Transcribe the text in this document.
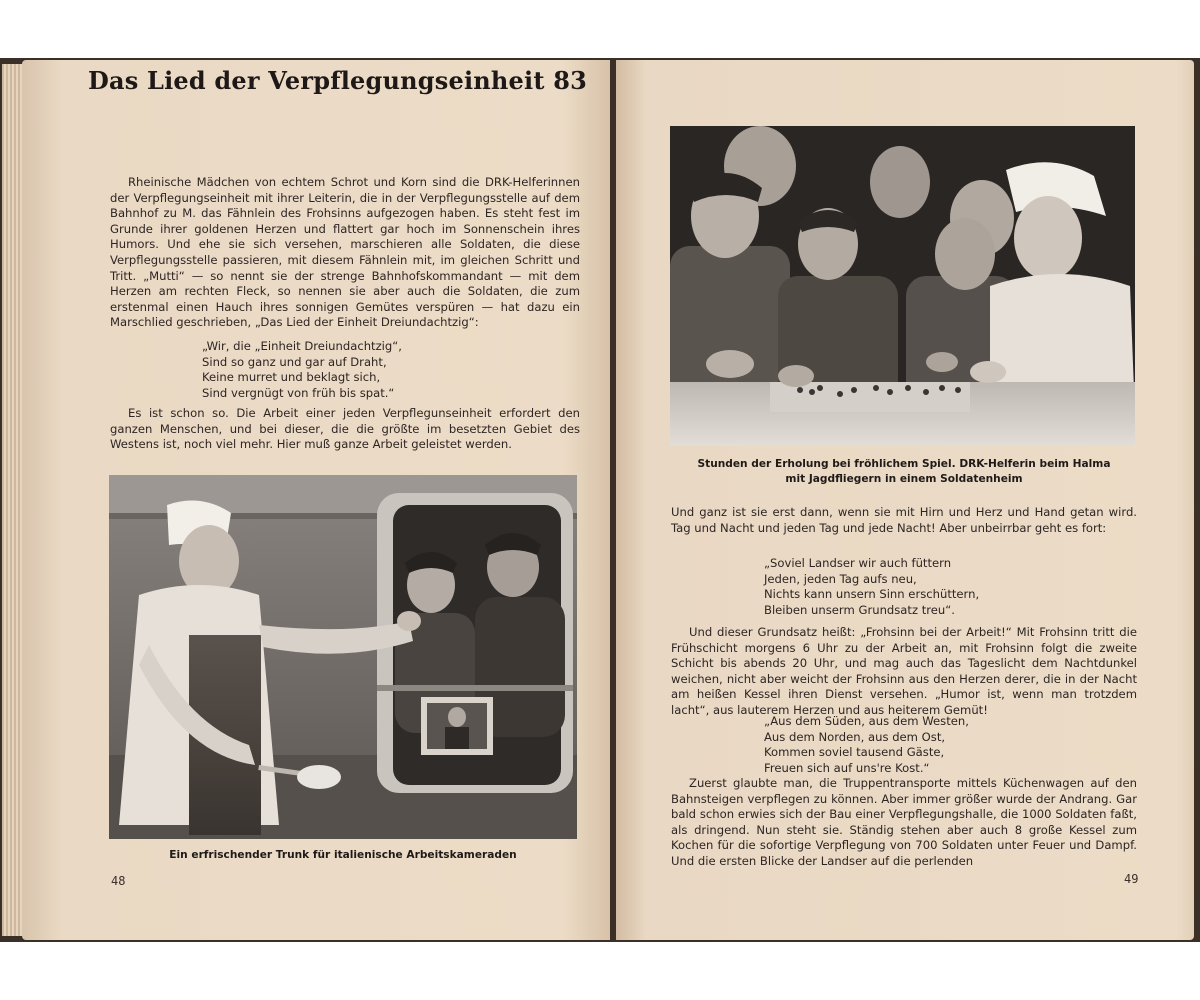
Das Lied der Verpflegungseinheit 83

Rheinische Mädchen von echtem Schrot und Korn sind die DRK-Helferinnen der Verpflegungseinheit mit ihrer Leiterin, die in der Verpflegungsstelle auf dem Bahnhof zu M. das Fähnlein des Frohsinns aufgezogen haben. Es steht fest im Grunde ihrer goldenen Herzen und flattert gar hoch im Sonnenschein ihres Humors. Und ehe sie sich versehen, marschieren alle Soldaten, die diese Verpflegungsstelle passieren, mit diesem Fähnlein mit, im gleichen Schritt und Tritt. „Mutti“ — so nennt sie der strenge Bahnhofskommandant — mit dem Herzen am rechten Fleck, so nennen sie aber auch die Soldaten, die zum erstenmal einen Hauch ihres sonnigen Gemütes verspüren — hat dazu ein Marschlied geschrieben, „Das Lied der Einheit Dreiundachtzig“:

„Wir, die „Einheit Dreiundachtzig“,
Sind so ganz und gar auf Draht,
Keine murret und beklagt sich,
Sind vergnügt von früh bis spat.“

Es ist schon so. Die Arbeit einer jeden Verpflegunseinheit erfordert den ganzen Menschen, und bei dieser, die die größte im besetzten Gebiet des Westens ist, noch viel mehr. Hier muß ganze Arbeit geleistet werden.

Ein erfrischender Trunk für italienische Arbeitskameraden
48
Stunden der Erholung bei fröhlichem Spiel. DRK-Helferin beim Halma
mit Jagdfliegern in einem Soldatenheim

Und ganz ist sie erst dann, wenn sie mit Hirn und Herz und Hand getan wird. Tag und Nacht und jeden Tag und jede Nacht! Aber unbeirrbar geht es fort:

„Soviel Landser wir auch füttern
Jeden, jeden Tag aufs neu,
Nichts kann unsern Sinn erschüttern,
Bleiben unserm Grundsatz treu“.

Und dieser Grundsatz heißt: „Frohsinn bei der Arbeit!“ Mit Frohsinn tritt die Frühschicht morgens 6 Uhr zu der Arbeit an, mit Frohsinn folgt die zweite Schicht bis abends 20 Uhr, und mag auch das Tageslicht dem Nachtdunkel weichen, nicht aber weicht der Frohsinn aus den Herzen derer, die in der Nacht am heißen Kessel ihren Dienst versehen. „Humor ist, wenn man trotzdem lacht“, aus lauterem Herzen und aus heiterem Gemüt!

„Aus dem Süden, aus dem Westen,
Aus dem Norden, aus dem Ost,
Kommen soviel tausend Gäste,
Freuen sich auf uns're Kost.“

Zuerst glaubte man, die Truppentransporte mittels Küchenwagen auf den Bahnsteigen verpflegen zu können. Aber immer größer wurde der Andrang. Gar bald schon erwies sich der Bau einer Verpflegungshalle, die 1000 Soldaten faßt, als dringend. Nun steht sie. Ständig stehen aber auch 8 große Kessel zum Kochen für die sofortige Verpflegung von 700 Soldaten unter Feuer und Dampf. Und die ersten Blicke der Landser auf die perlenden

49
